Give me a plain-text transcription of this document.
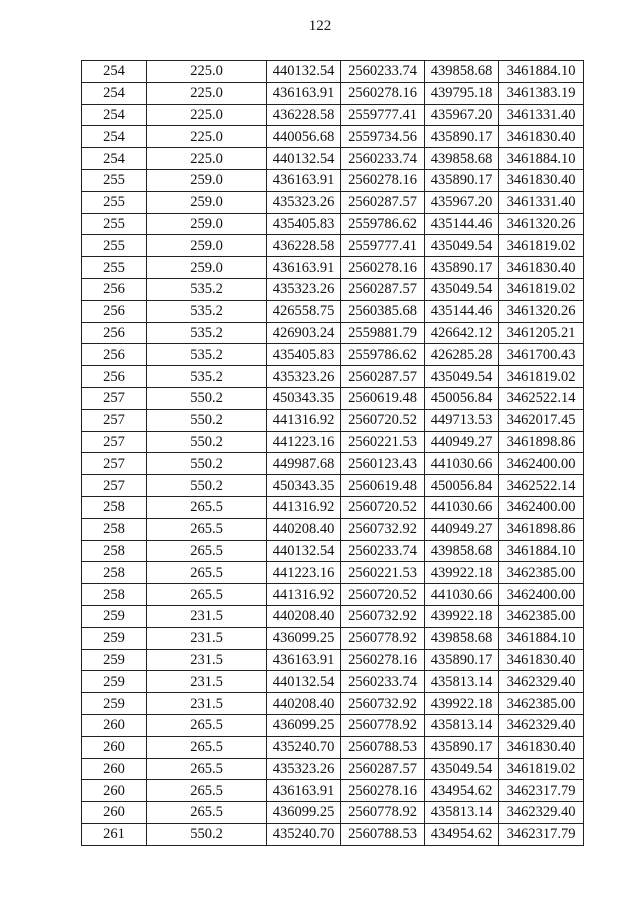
122
254	225.0	440132.54	2560233.74	439858.68	3461884.10
254	225.0	436163.91	2560278.16	439795.18	3461383.19
254	225.0	436228.58	2559777.41	435967.20	3461331.40
254	225.0	440056.68	2559734.56	435890.17	3461830.40
254	225.0	440132.54	2560233.74	439858.68	3461884.10
255	259.0	436163.91	2560278.16	435890.17	3461830.40
255	259.0	435323.26	2560287.57	435967.20	3461331.40
255	259.0	435405.83	2559786.62	435144.46	3461320.26
255	259.0	436228.58	2559777.41	435049.54	3461819.02
255	259.0	436163.91	2560278.16	435890.17	3461830.40
256	535.2	435323.26	2560287.57	435049.54	3461819.02
256	535.2	426558.75	2560385.68	435144.46	3461320.26
256	535.2	426903.24	2559881.79	426642.12	3461205.21
256	535.2	435405.83	2559786.62	426285.28	3461700.43
256	535.2	435323.26	2560287.57	435049.54	3461819.02
257	550.2	450343.35	2560619.48	450056.84	3462522.14
257	550.2	441316.92	2560720.52	449713.53	3462017.45
257	550.2	441223.16	2560221.53	440949.27	3461898.86
257	550.2	449987.68	2560123.43	441030.66	3462400.00
257	550.2	450343.35	2560619.48	450056.84	3462522.14
258	265.5	441316.92	2560720.52	441030.66	3462400.00
258	265.5	440208.40	2560732.92	440949.27	3461898.86
258	265.5	440132.54	2560233.74	439858.68	3461884.10
258	265.5	441223.16	2560221.53	439922.18	3462385.00
258	265.5	441316.92	2560720.52	441030.66	3462400.00
259	231.5	440208.40	2560732.92	439922.18	3462385.00
259	231.5	436099.25	2560778.92	439858.68	3461884.10
259	231.5	436163.91	2560278.16	435890.17	3461830.40
259	231.5	440132.54	2560233.74	435813.14	3462329.40
259	231.5	440208.40	2560732.92	439922.18	3462385.00
260	265.5	436099.25	2560778.92	435813.14	3462329.40
260	265.5	435240.70	2560788.53	435890.17	3461830.40
260	265.5	435323.26	2560287.57	435049.54	3461819.02
260	265.5	436163.91	2560278.16	434954.62	3462317.79
260	265.5	436099.25	2560778.92	435813.14	3462329.40
261	550.2	435240.70	2560788.53	434954.62	3462317.79
